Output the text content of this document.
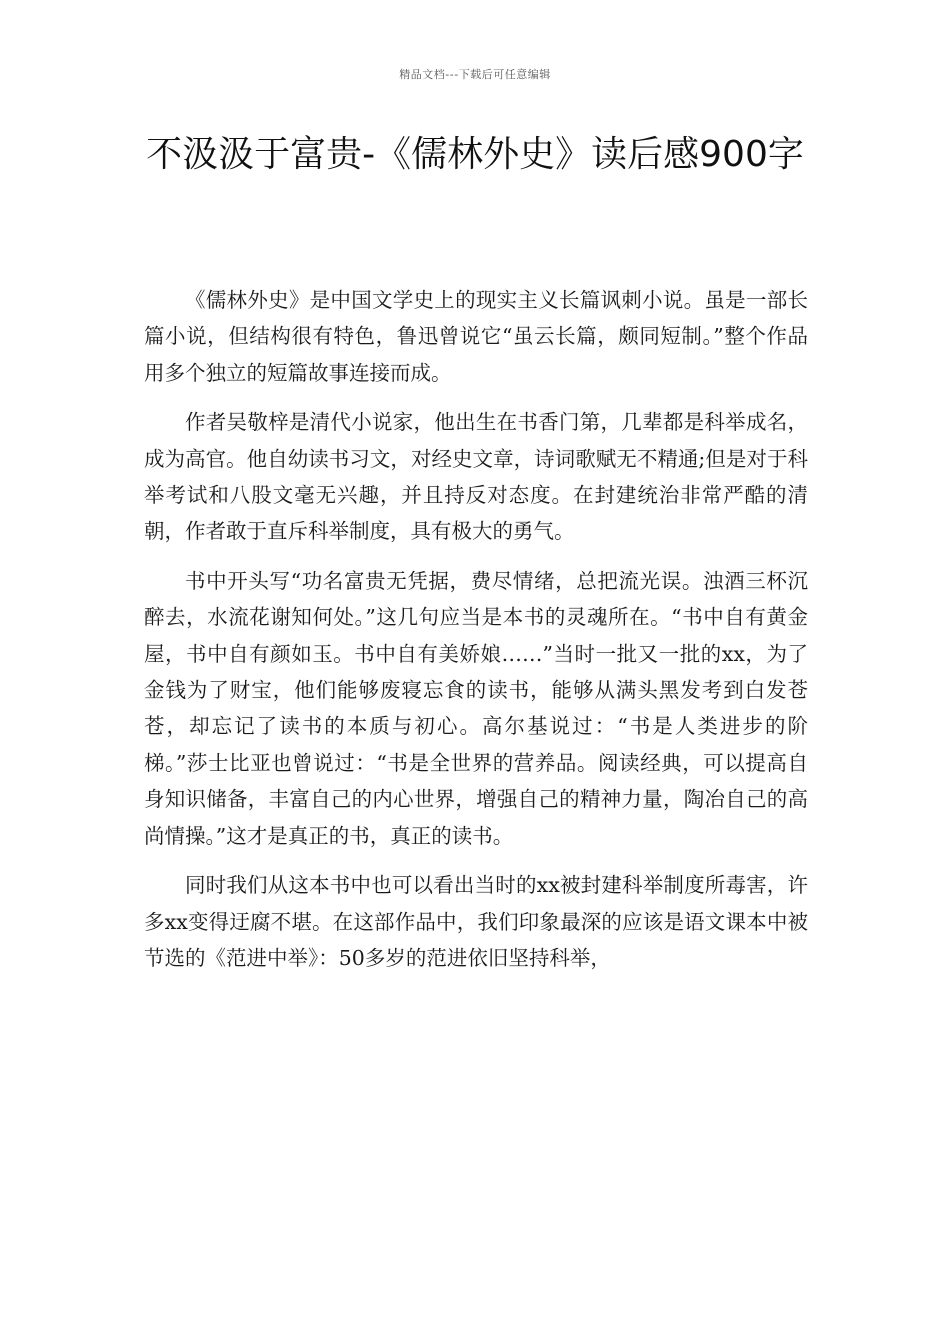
精品文档---下载后可任意编辑
不汲汲于富贵-《儒林外史》读后感900字

《儒林外史》是中国文学史上的现实主义长篇讽刺小说。虽是一部长篇小说，但结构很有特色，鲁迅曾说它“虽云长篇，颇同短制。”整个作品用多个独立的短篇故事连接而成。

作者吴敬梓是清代小说家，他出生在书香门第，几辈都是科举成名，成为高官。他自幼读书习文，对经史文章，诗词歌赋无不精通;但是对于科举考试和八股文毫无兴趣，并且持反对态度。在封建统治非常严酷的清朝，作者敢于直斥科举制度，具有极大的勇气。

书中开头写“功名富贵无凭据，费尽情绪，总把流光误。浊酒三杯沉醉去，水流花谢知何处。”这几句应当是本书的灵魂所在。“书中自有黄金屋，书中自有颜如玉。书中自有美娇娘……”当时一批又一批的xx，为了金钱为了财宝，他们能够废寝忘食的读书，能够从满头黑发考到白发苍苍，却忘记了读书的本质与初心。高尔基说过：“书是人类进步的阶梯。”莎士比亚也曾说过：“书是全世界的营养品。阅读经典，可以提高自身知识储备，丰富自己的内心世界，增强自己的精神力量，陶冶自己的高尚情操。”这才是真正的书，真正的读书。

同时我们从这本书中也可以看出当时的xx被封建科举制度所毒害，许多xx变得迂腐不堪。在这部作品中，我们印象最深的应该是语文课本中被节选的《范进中举》：50多岁的范进依旧坚持科举，
